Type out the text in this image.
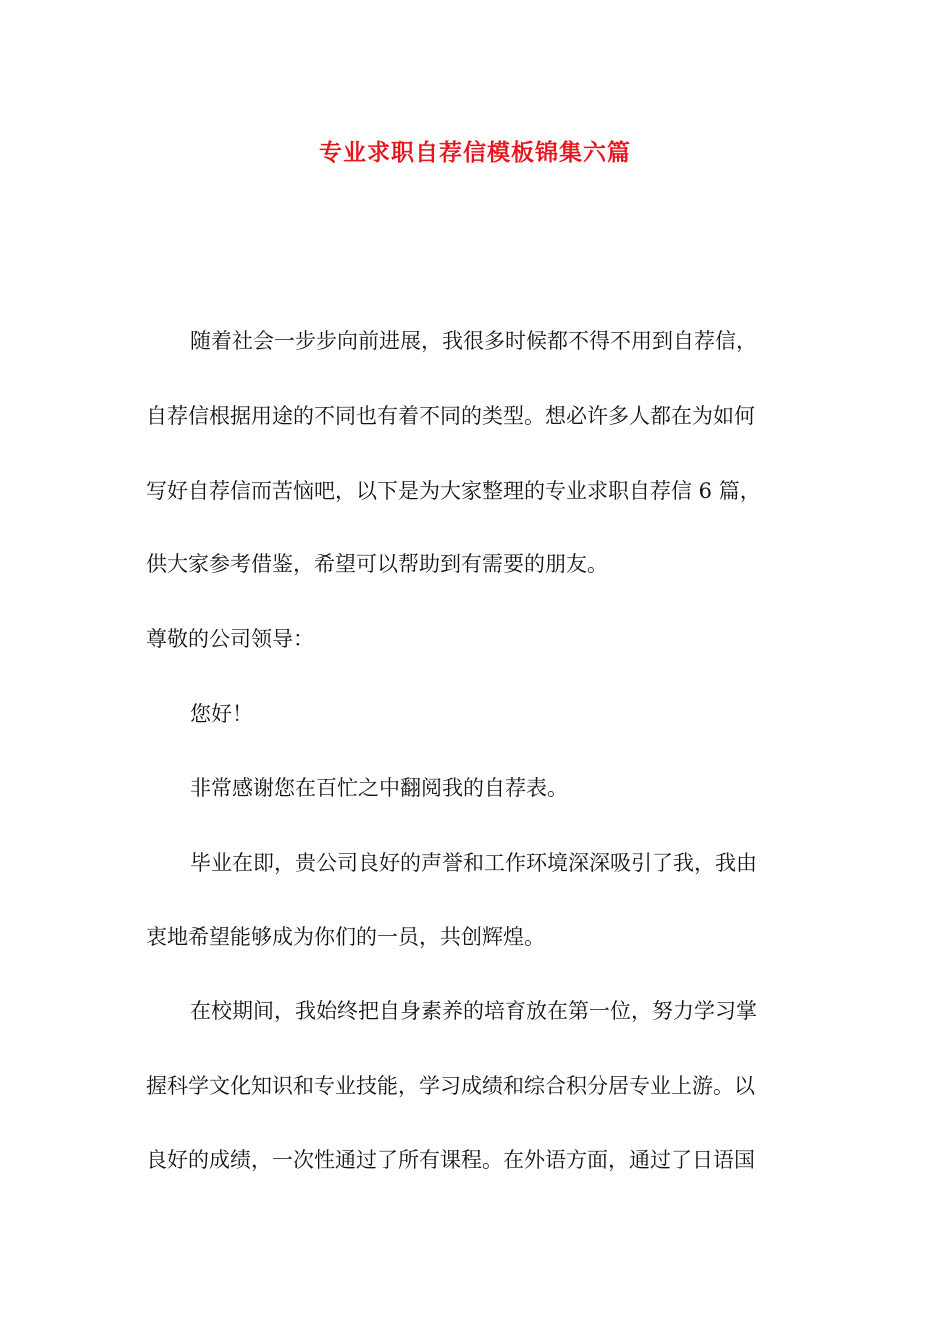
专业求职自荐信模板锦集六篇
随着社会一步步向前进展，我很多时候都不得不用到自荐信，
自荐信根据用途的不同也有着不同的类型。想必许多人都在为如何
写好自荐信而苦恼吧，以下是为大家整理的专业求职自荐信 6 篇，
供大家参考借鉴，希望可以帮助到有需要的朋友。
尊敬的公司领导：
您好！
非常感谢您在百忙之中翻阅我的自荐表。
毕业在即，贵公司良好的声誉和工作环境深深吸引了我，我由
衷地希望能够成为你们的一员，共创辉煌。
在校期间，我始终把自身素养的培育放在第一位，努力学习掌
握科学文化知识和专业技能，学习成绩和综合积分居专业上游。以
良好的成绩，一次性通过了所有课程。在外语方面，通过了日语国
